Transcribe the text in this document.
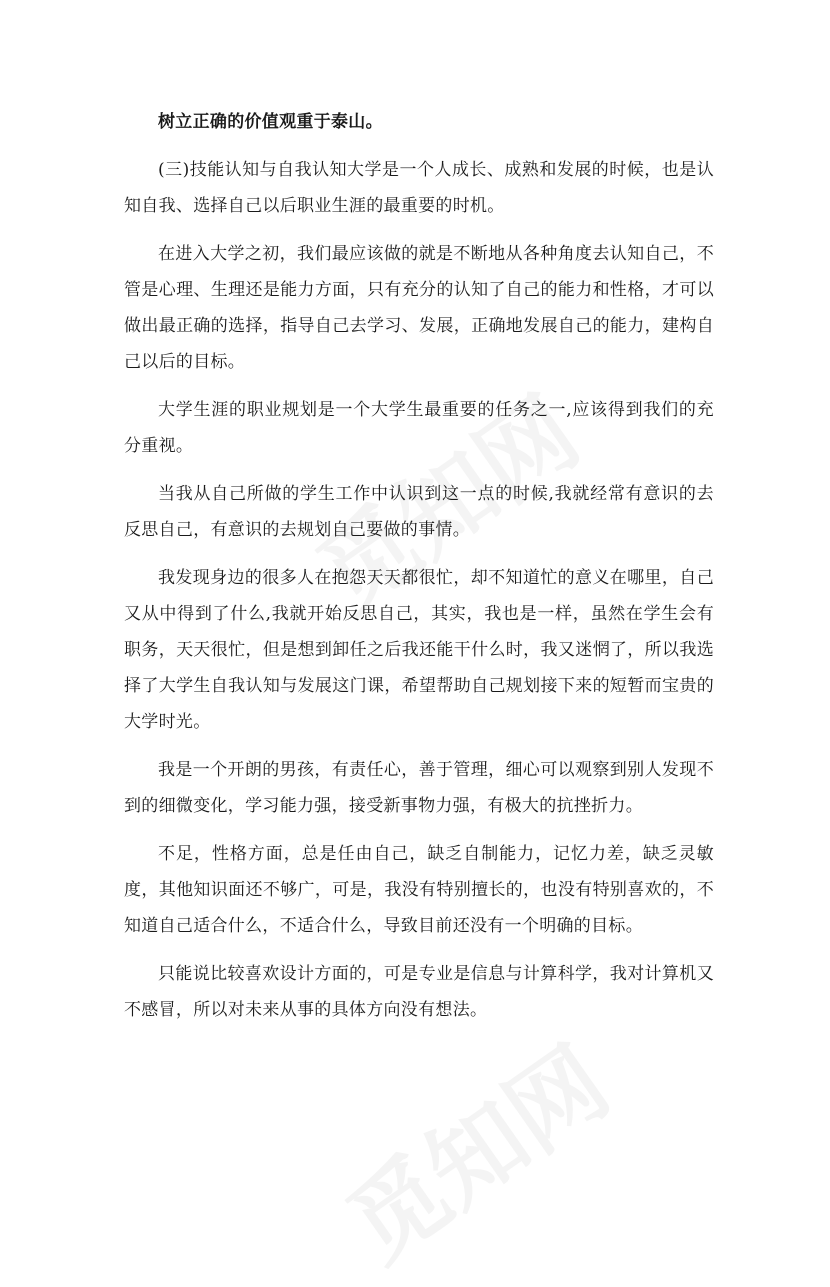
树立正确的价值观重于泰山。

(三)技能认知与自我认知大学是一个人成长、成熟和发展的时候，也是认知自我、选择自己以后职业生涯的最重要的时机。

在进入大学之初，我们最应该做的就是不断地从各种角度去认知自己，不管是心理、生理还是能力方面，只有充分的认知了自己的能力和性格，才可以做出最正确的选择，指导自己去学习、发展，正确地发展自己的能力，建构自己以后的目标。

大学生涯的职业规划是一个大学生最重要的任务之一,应该得到我们的充分重视。

当我从自己所做的学生工作中认识到这一点的时候,我就经常有意识的去反思自己，有意识的去规划自己要做的事情。

我发现身边的很多人在抱怨天天都很忙，却不知道忙的意义在哪里，自己又从中得到了什么,我就开始反思自己，其实，我也是一样，虽然在学生会有职务，天天很忙，但是想到卸任之后我还能干什么时，我又迷惘了，所以我选择了大学生自我认知与发展这门课，希望帮助自己规划接下来的短暂而宝贵的大学时光。

我是一个开朗的男孩，有责任心，善于管理，细心可以观察到别人发现不到的细微变化，学习能力强，接受新事物力强，有极大的抗挫折力。

不足，性格方面，总是任由自己，缺乏自制能力，记忆力差，缺乏灵敏度，其他知识面还不够广，可是，我没有特别擅长的，也没有特别喜欢的，不知道自己适合什么，不适合什么，导致目前还没有一个明确的目标。

只能说比较喜欢设计方面的，可是专业是信息与计算科学，我对计算机又不感冒，所以对未来从事的具体方向没有想法。
